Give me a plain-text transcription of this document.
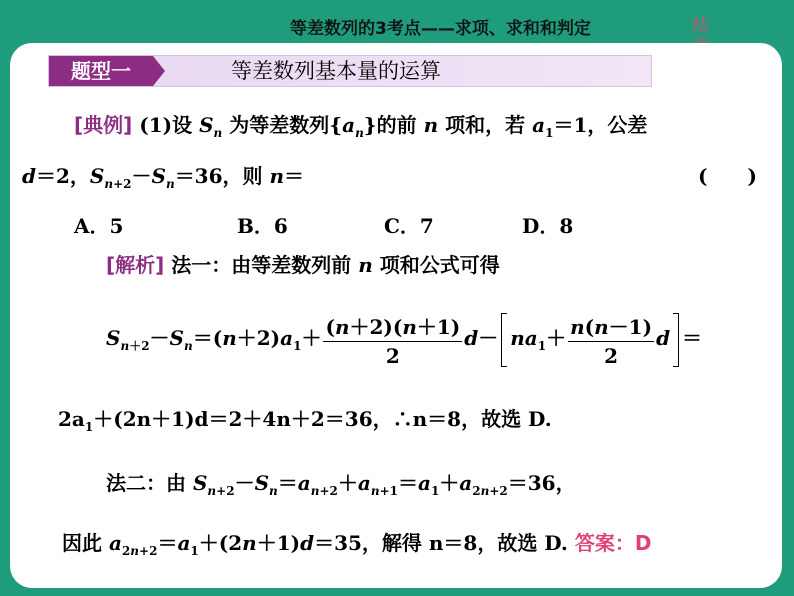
等差数列的3考点——求项、求和和判定	结
题型一	等差数列基本量的运算
[典例] (1)设 $S_n$ 为等差数列$\{a_n\}$的前 n 项和，若 $a_1=1$，公差
d＝2，$S_{n+2}-S_n=36$，则 n＝	(　　)
A．5	B．6	C．7	D．8
[解析] 法一：由等差数列前 n 项和公式可得
$S_{n+2}-S_n=(n+2)a_1+ \frac{(n+2)(n+1)}{2} d- na_1+ \frac{n(n-1)}{2}$ d ＝
$2a_1+(2n+1)d=2+4n+2=36$，∴n＝8，故选 D.
法二：由 $S_{n+2}-S_n=a_{n+2}+a_{n+1}=a_1+a_{2n+2}=36$，
因此 $a_{2n+2}=a_1+(2n+1)d=35$，解得 n＝8，故选 D. 答案：D
